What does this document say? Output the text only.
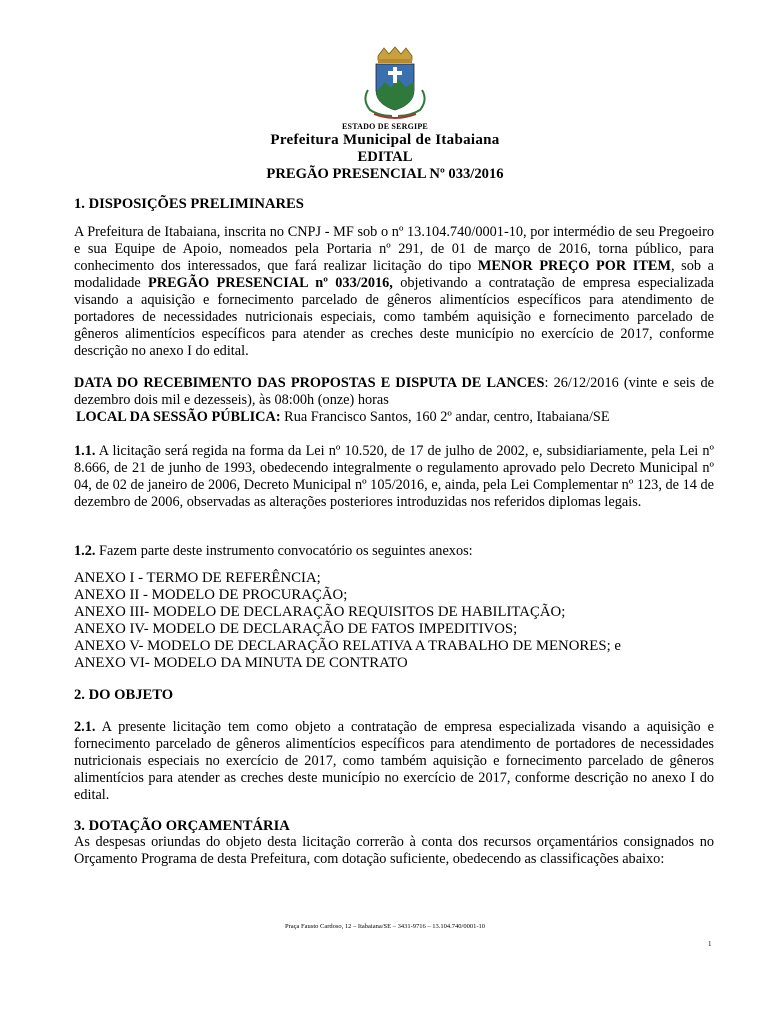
ESTADO DE SERGIPE
Prefeitura Municipal de Itabaiana
EDITAL
PREGÃO PRESENCIAL Nº 033/2016
1. DISPOSIÇÕES PRELIMINARES
A Prefeitura de Itabaiana, inscrita no CNPJ - MF sob o nº 13.104.740/0001-10, por intermédio de seu Pregoeiro e sua Equipe de Apoio, nomeados pela Portaria nº 291, de 01 de março de 2016, torna público, para conhecimento dos interessados, que fará realizar licitação do tipo MENOR PREÇO POR ITEM, sob a modalidade PREGÃO PRESENCIAL nº 033/2016, objetivando a contratação de empresa especializada visando a aquisição e fornecimento parcelado de gêneros alimentícios específicos para atendimento de portadores de necessidades nutricionais especiais, como também aquisição e fornecimento parcelado de gêneros alimentícios específicos para atender as creches deste município no exercício de 2017, conforme descrição no anexo I do edital.
DATA DO RECEBIMENTO DAS PROPOSTAS E DISPUTA DE LANCES: 26/12/2016 (vinte e seis de dezembro dois mil e dezesseis), às 08:00h (onze) horas
LOCAL DA SESSÃO PÚBLICA: Rua Francisco Santos, 160 2º andar, centro, Itabaiana/SE
1.1. A licitação será regida na forma da Lei nº 10.520, de 17 de julho de 2002, e, subsidiariamente, pela Lei nº 8.666, de 21 de junho de 1993, obedecendo integralmente o regulamento aprovado pelo Decreto Municipal nº 04, de 02 de janeiro de 2006, Decreto Municipal nº 105/2016, e, ainda, pela Lei Complementar nº 123, de 14 de dezembro de 2006, observadas as alterações posteriores introduzidas nos referidos diplomas legais.
1.2. Fazem parte deste instrumento convocatório os seguintes anexos:
ANEXO I - TERMO DE REFERÊNCIA;
ANEXO II - MODELO DE PROCURAÇÃO;
ANEXO III- MODELO DE DECLARAÇÃO REQUISITOS DE HABILITAÇÃO;
ANEXO IV- MODELO DE DECLARAÇÃO DE FATOS IMPEDITIVOS;
ANEXO V- MODELO DE DECLARAÇÃO RELATIVA A TRABALHO DE MENORES; e
ANEXO VI- MODELO DA MINUTA DE CONTRATO
2. DO OBJETO
2.1. A presente licitação tem como objeto a contratação de empresa especializada visando a aquisição e fornecimento parcelado de gêneros alimentícios específicos para atendimento de portadores de necessidades nutricionais especiais no exercício de 2017, como também aquisição e fornecimento parcelado de gêneros alimentícios para atender as creches deste município no exercício de 2017, conforme descrição no anexo I do edital.
3. DOTAÇÃO ORÇAMENTÁRIA
As despesas oriundas do objeto desta licitação correrão à conta dos recursos orçamentários consignados no Orçamento Programa de desta Prefeitura, com dotação suficiente, obedecendo as classificações abaixo:
Praça Fausto Cardoso, 12 – Itabaiana/SE – 3431-9716 – 13.104.740/0001-10
1
